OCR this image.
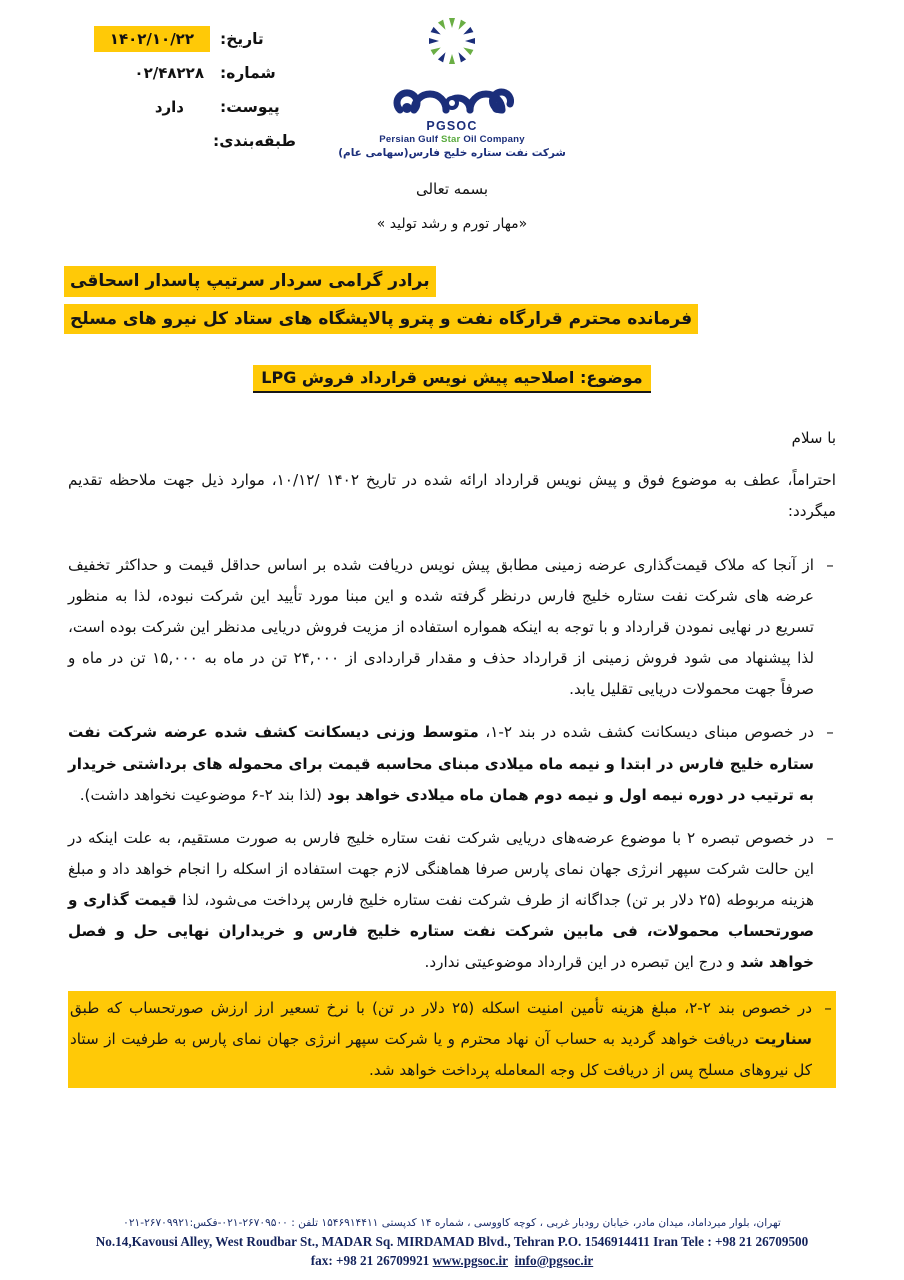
تاریخ:
۱۴۰۲/۱۰/۲۲
شماره:
۰۲/۴۸۲۲۸
پیوست:
دارد
طبقه‌بندی:
PGSOC
Persian Gulf Star Oil Company
شرکت نفت ستاره خلیج فارس(سهامی عام)
بسمه تعالی
«مهار تورم و رشد تولید »
برادر گرامی سردار سرتیپ پاسدار اسحاقی
فرمانده محترم قرارگاه نفت و پترو پالایشگاه های ستاد کل نیرو های مسلح
موضوع: اصلاحیه پیش نویس قرارداد فروش LPG
با سلام
احتراماً، عطف به موضوع فوق و پیش نویس قرارداد ارائه شده در تاریخ ۱۴۰۲ /۱۰/۱۲، موارد ذیل جهت ملاحظه تقدیم میگردد:
–
از آنجا که ملاک قیمت‌گذاری عرضه زمینی مطابق پیش نویس دریافت شده بر اساس حداقل قیمت و حداکثر تخفیف عرضه های شرکت نفت ستاره خلیج فارس درنظر گرفته شده و این مبنا مورد تأیید این شرکت نبوده، لذا به منظور تسریع در نهایی نمودن قرارداد و با توجه به اینکه همواره استفاده از مزیت فروش دریایی مدنظر این شرکت بوده است، لذا پیشنهاد می شود فروش زمینی از قرارداد حذف و مقدار قراردادی از ۲۴,۰۰۰ تن در ماه به ۱۵,۰۰۰ تن در ماه و صرفاً جهت محمولات دریایی تقلیل یابد.
–
در خصوص مبنای دیسکانت کشف شده در بند ۲-۱، متوسط وزنی دیسکانت کشف شده عرضه شرکت نفت ستاره خلیج فارس در ابتدا و نیمه ماه میلادی مبنای محاسبه قیمت برای محموله های برداشتی خریدار به ترتیب در دوره نیمه اول و نیمه دوم همان ماه میلادی خواهد بود (لذا بند ۲-۶ موضوعیت نخواهد داشت).
–
در خصوص تبصره ۲ با موضوع عرضه‌های دریایی شرکت نفت ستاره خلیج فارس به صورت مستقیم، به علت اینکه در این حالت شرکت سپهر انرژی جهان نمای پارس صرفا هماهنگی لازم جهت استفاده از اسکله را انجام خواهد داد و مبلغ هزینه مربوطه (۲۵ دلار بر تن) جداگانه از طرف شرکت نفت ستاره خلیج فارس پرداخت می‌شود، لذا قیمت گذاری و صورتحساب محمولات، فی مابین شرکت نفت ستاره خلیج فارس و خریداران نهایی حل و فصل خواهد شد و درج این تبصره در این قرارداد موضوعیتی ندارد.
–
در خصوص بند ۲-۲، مبلغ هزینه تأمین امنیت اسکله (۲۵ دلار در تن) با نرخ تسعیر ارز ارزش صورتحساب که طبق سناریت دریافت خواهد گردید به حساب آن نهاد محترم و یا شرکت سپهر انرژی جهان نمای پارس به طرفیت از ستاد کل نیروهای مسلح پس از دریافت کل وجه المعامله پرداخت خواهد شد.
تهران، بلوار میرداماد، میدان مادر، خیابان رودبار غربی ، کوچه کاووسی ، شماره ۱۴ کدپستی ۱۵۴۶۹۱۴۴۱۱ تلفن : ۲۶۷۰۹۵۰۰-۰۲۱-فکس:۲۶۷۰۹۹۲۱-۰۲۱
No.14,Kavousi Alley, West Roudbar St., MADAR Sq. MIRDAMAD Blvd., Tehran P.O. 1546914411 Iran Tele : +98 21 26709500
fax: +98 21 26709921 www.pgsoc.ir info@pgsoc.ir
